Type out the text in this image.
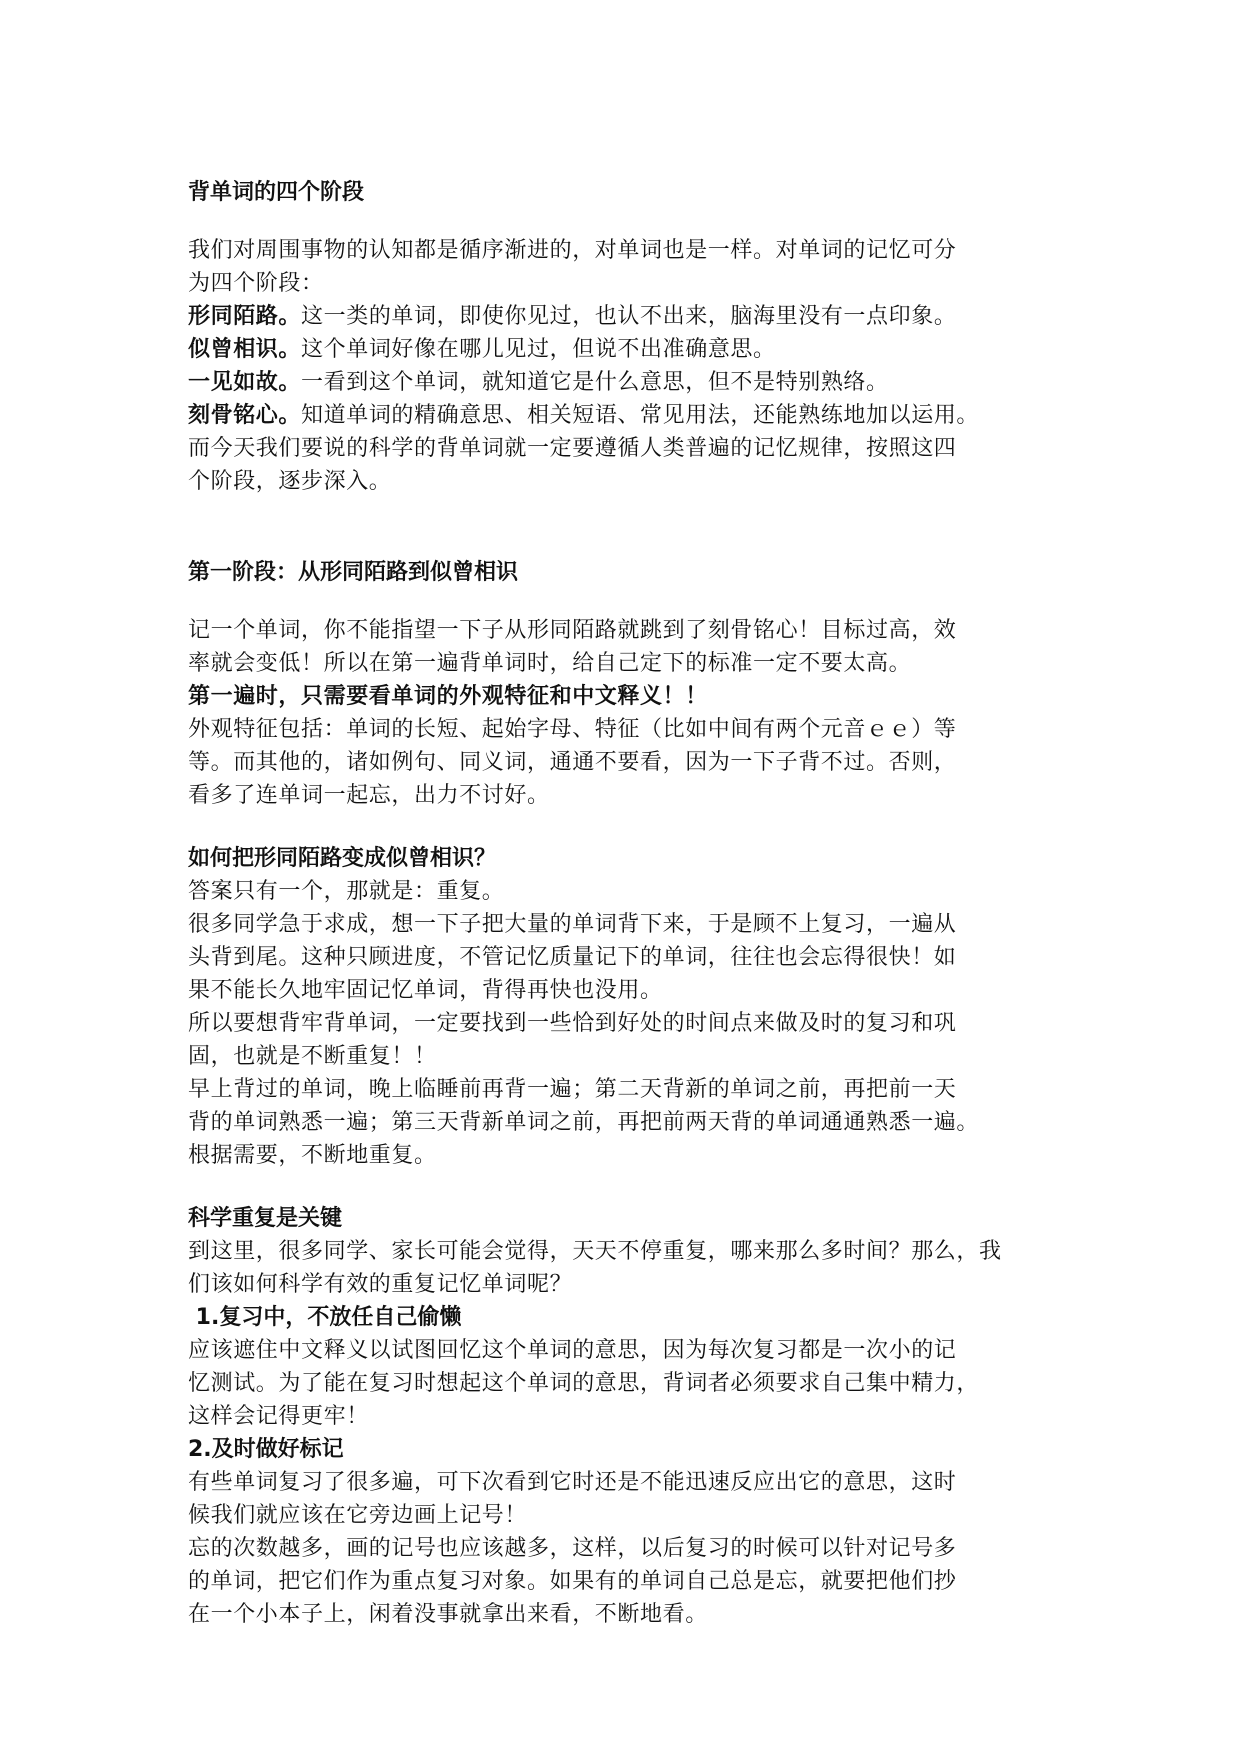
背单词的四个阶段
我们对周围事物的认知都是循序渐进的，对单词也是一样。对单词的记忆可分
为四个阶段：
形同陌路。这一类的单词，即使你见过，也认不出来，脑海里没有一点印象。
似曾相识。这个单词好像在哪儿见过，但说不出准确意思。
一见如故。一看到这个单词，就知道它是什么意思，但不是特别熟络。
刻骨铭心。知道单词的精确意思、相关短语、常见用法，还能熟练地加以运用。
而今天我们要说的科学的背单词就一定要遵循人类普遍的记忆规律，按照这四
个阶段，逐步深入。
第一阶段：从形同陌路到似曾相识
记一个单词，你不能指望一下子从形同陌路就跳到了刻骨铭心！目标过高，效
率就会变低！所以在第一遍背单词时，给自己定下的标准一定不要太高。
第一遍时，只需要看单词的外观特征和中文释义！！
外观特征包括：单词的长短、起始字母、特征（比如中间有两个元音ｅｅ）等
等。而其他的，诸如例句、同义词，通通不要看，因为一下子背不过。否则，
看多了连单词一起忘，出力不讨好。
如何把形同陌路变成似曾相识？
答案只有一个，那就是：重复。
很多同学急于求成，想一下子把大量的单词背下来，于是顾不上复习，一遍从
头背到尾。这种只顾进度，不管记忆质量记下的单词，往往也会忘得很快！如
果不能长久地牢固记忆单词，背得再快也没用。
所以要想背牢背单词，一定要找到一些恰到好处的时间点来做及时的复习和巩
固，也就是不断重复！！
早上背过的单词，晚上临睡前再背一遍；第二天背新的单词之前，再把前一天
背的单词熟悉一遍；第三天背新单词之前，再把前两天背的单词通通熟悉一遍。
根据需要，不断地重复。
科学重复是关键
到这里，很多同学、家长可能会觉得，天天不停重复，哪来那么多时间？那么，我
们该如何科学有效的重复记忆单词呢？
1.复习中，不放任自己偷懒
应该遮住中文释义以试图回忆这个单词的意思，因为每次复习都是一次小的记
忆测试。为了能在复习时想起这个单词的意思，背词者必须要求自己集中精力，
这样会记得更牢！
2.及时做好标记
有些单词复习了很多遍，可下次看到它时还是不能迅速反应出它的意思，这时
候我们就应该在它旁边画上记号！
忘的次数越多，画的记号也应该越多，这样，以后复习的时候可以针对记号多
的单词，把它们作为重点复习对象。如果有的单词自己总是忘，就要把他们抄
在一个小本子上，闲着没事就拿出来看，不断地看。
